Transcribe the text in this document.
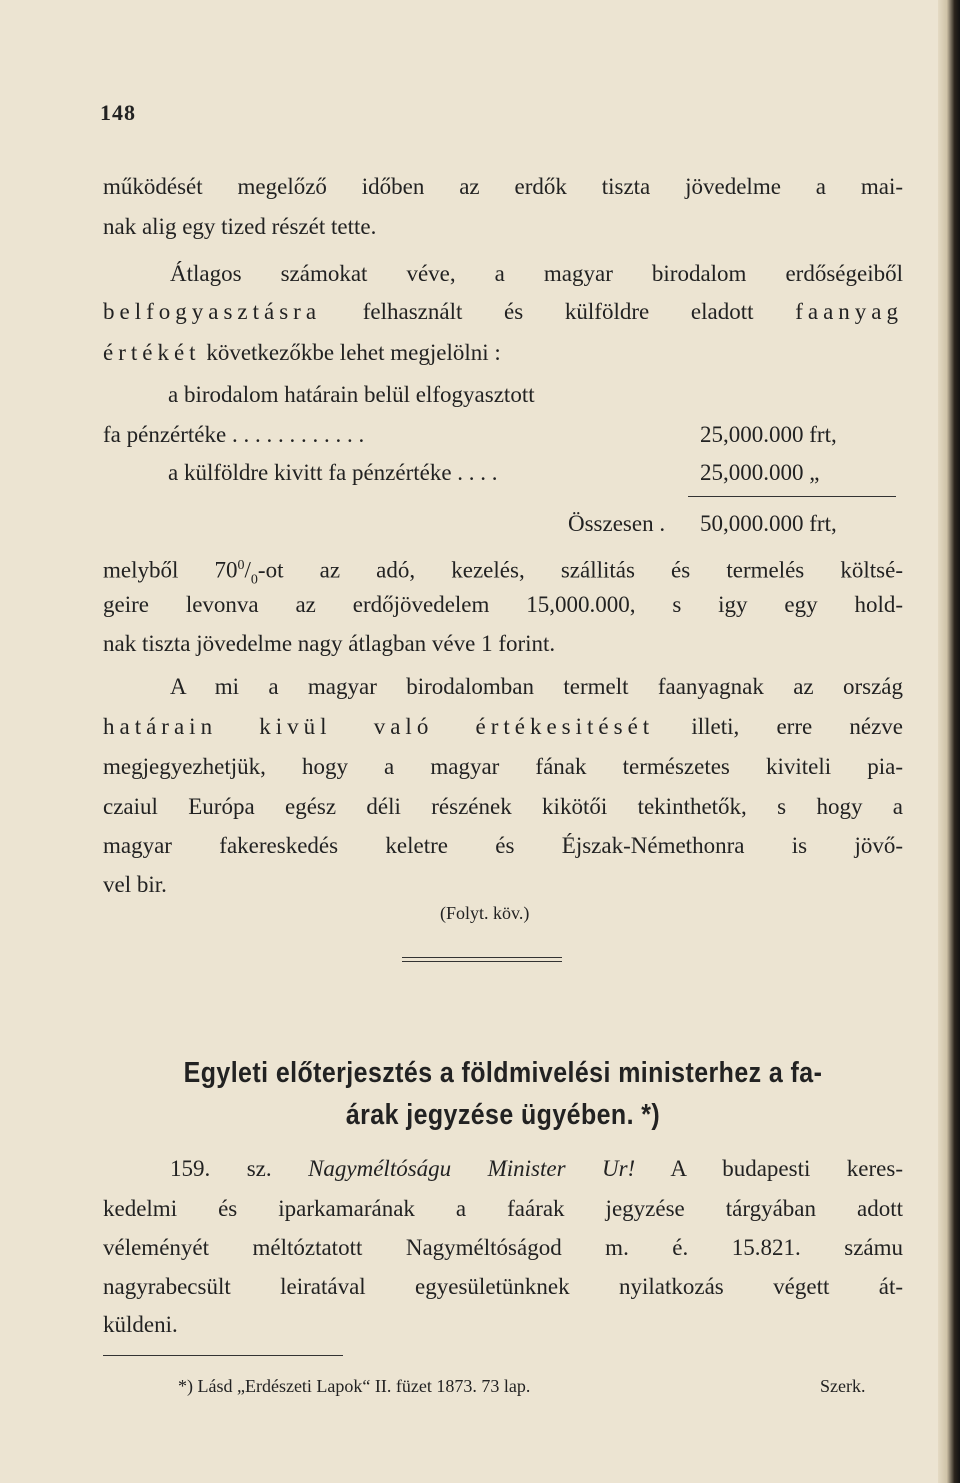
148
működését megelőző időben az erdők tiszta jövedelme a mai-
nak alig egy tized részét tette.
Átlagos számokat véve, a magyar birodalom erdőségeiből
belfogyasztásra felhasznált és külföldre eladott faanyag
értékét következőkbe lehet megjelölni :
a birodalom határain belül elfogyasztott
fa pénzértéke . . . . . . . . . . . .	25,000.000 frt,
a külföldre kivitt fa pénzértéke . . . .	25,000.000 „
Összesen . 50,000.000 frt,
melyből $70^0/_0-ot$ az adó, kezelés, szállitás és termelés költsé-
geire levonva az erdőjövedelem 15,000.000, s igy egy hold-
nak tiszta jövedelme nagy átlagban véve 1 forint.
A mi a magyar birodalomban termelt faanyagnak az ország
határain kivül való értékesitését illeti, erre nézve
megjegyezhetjük, hogy a magyar fának természetes kiviteli pia-
czaiul Európa egész déli részének kikötői tekinthetők, s hogy a
magyar fakereskedés keletre és Éjszak-Némethonra is jövő-
vel bir.
(Folyt. köv.)
Egyleti előterjesztés a földmivelési ministerhez a fa-
árak jegyzése ügyében. *)
159. sz. Nagyméltóságu Minister Ur! A budapesti keres-
kedelmi és iparkamarának a faárak jegyzése tárgyában adott
véleményét méltóztatott Nagyméltóságod m. é. 15.821. számu
nagyrabecsült leiratával egyesületünknek nyilatkozás végett át-
küldeni.
*) Lásd „Erdészeti Lapok“ II. füzet 1873. 73 lap.	Szerk.
